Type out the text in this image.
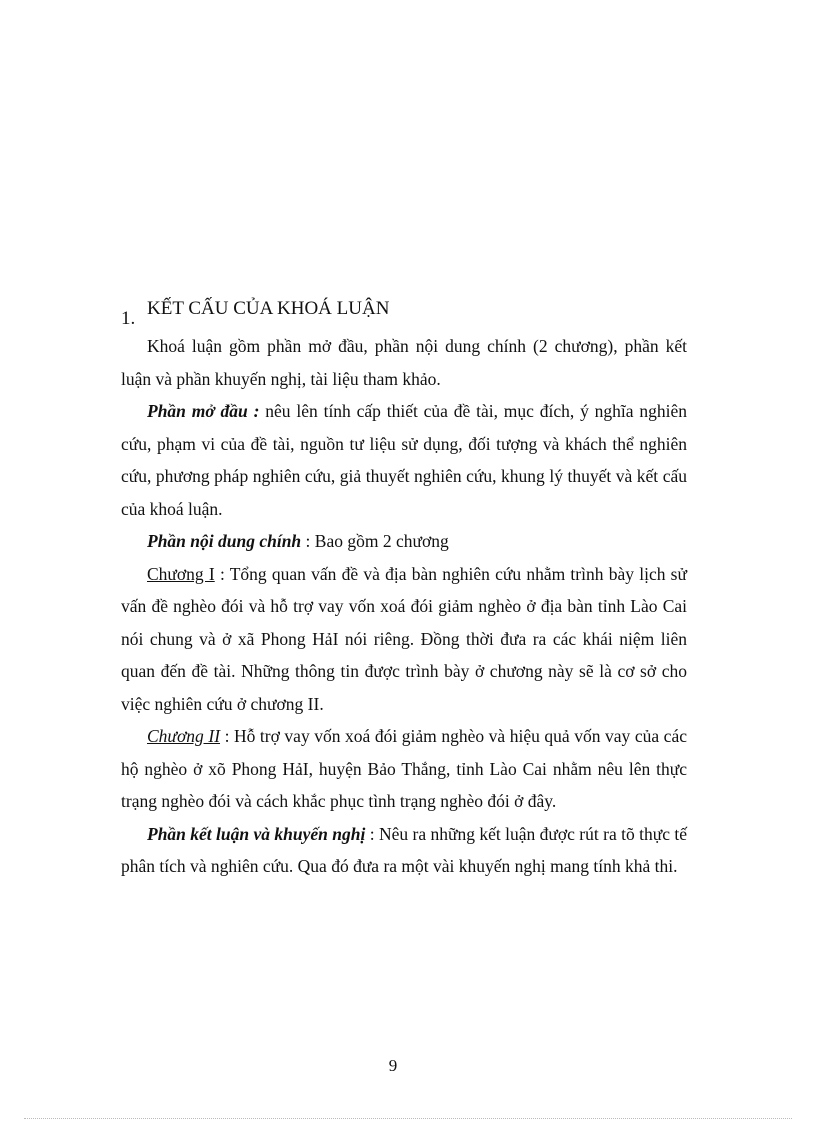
1. KẾT CẤU CỦA KHOÁ LUẬN

Khoá luận gồm phần mở đầu, phần nội dung chính (2 chương), phần kết luận và phần khuyến nghị, tài liệu tham khảo.

Phần mở đầu : nêu lên tính cấp thiết của đề tài, mục đích, ý nghĩa nghiên cứu, phạm vi của đề tài, nguồn tư liệu sử dụng, đối tượng và khách thể nghiên cứu, phương pháp nghiên cứu, giả thuyết nghiên cứu, khung lý thuyết và kết cấu của khoá luận.

Phần nội dung chính : Bao gồm 2 chương

Chương I : Tổng quan vấn đề và địa bàn nghiên cứu nhằm trình bày lịch sử vấn đề nghèo đói và hỗ trợ vay vốn xoá đói giảm nghèo ở địa bàn tỉnh Lào Cai nói chung và ở xã Phong HảI nói riêng. Đồng thời đưa ra các khái niệm liên quan đến đề tài. Những thông tin được trình bày ở chương này sẽ là cơ sở cho việc nghiên cứu ở chương II.

Chương II : Hỗ trợ vay vốn xoá đói giảm nghèo và hiệu quả vốn vay của các hộ nghèo ở xõ Phong HảI, huyện Bảo Thắng, tỉnh Lào Cai nhằm nêu lên thực trạng nghèo đói và cách khắc phục tình trạng nghèo đói ở đây.

Phần kết luận và khuyến nghị : Nêu ra những kết luận được rút ra tõ thực tế phân tích và nghiên cứu. Qua đó đưa ra một vài khuyến nghị mang tính khả thi.

9
